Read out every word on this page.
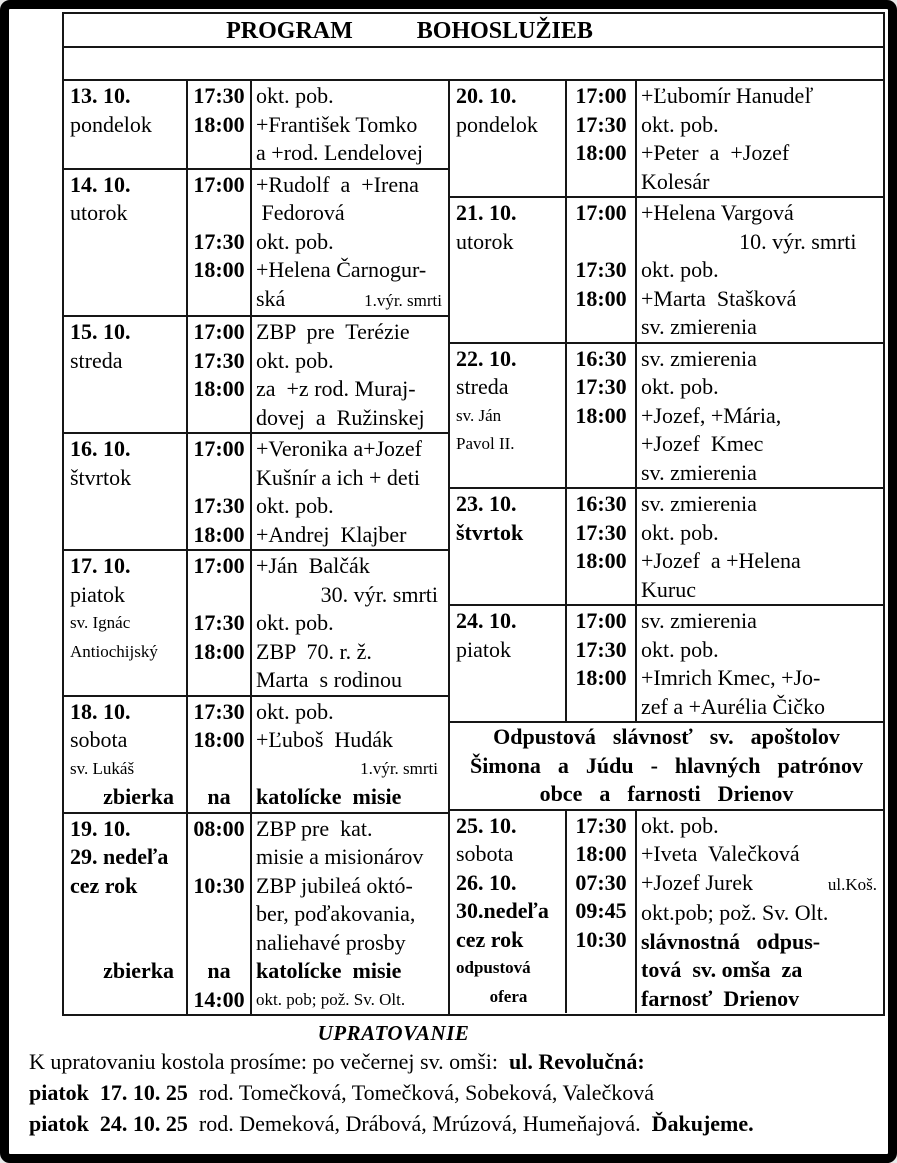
PROGRAM    BOHOSLUŽIEB
13. 10.
pondelok
17:30
18:00
okt. pob.
+František Tomko
a +rod. Lendelovej
14. 10.
utorok
17:00
17:30
18:00
+Rudolf  a  +Irena
Fedorová
okt. pob.
+Helena Čarnogur-
ská	1.výr. smrti
15. 10.
streda
17:00
17:30
18:00
ZBP  pre  Terézie
okt. pob.
za  +z rod. Muraj-
dovej  a  Ružinskej
16. 10.
štvrtok
17:00
17:30
18:00
+Veronika a+Jozef
Kušnír a ich + deti
okt. pob.
+Andrej  Klajber
17. 10.
piatok
sv. Ignác
Antiochijský
17:00
17:30
18:00
+Ján  Balčák
30. výr. smrti
okt. pob.
ZBP  70. r. ž.
Marta  s rodinou
18. 10.
sobota
sv. Lukáš
zbierka
17:30
18:00
na
okt. pob.
+Ľuboš  Hudák
1.výr. smrti
katolícke  misie
19. 10.
29. nedeľa
cez rok
zbierka
08:00
10:30
na
14:00
ZBP pre  kat.
misie a misionárov
ZBP jubileá októ-
ber, poďakovania,
naliehavé prosby
katolícke  misie
okt. pob; pož. Sv. Olt.
20. 10.
pondelok
17:00
17:30
18:00
+Ľubomír Hanudeľ
okt. pob.
+Peter  a  +Jozef
Kolesár
21. 10.
utorok
17:00
17:30
18:00
+Helena Vargová
10. výr. smrti
okt. pob.
+Marta  Stašková
sv. zmierenia
22. 10.
streda
sv. Ján
Pavol II.
16:30
17:30
18:00
sv. zmierenia
okt. pob.
+Jozef, +Mária,
+Jozef  Kmec
sv. zmierenia
23. 10.
štvrtok
16:30
17:30
18:00
sv. zmierenia
okt. pob.
+Jozef  a +Helena
Kuruc
24. 10.
piatok
17:00
17:30
18:00
sv. zmierenia
okt. pob.
+Imrich Kmec, +Jo-
zef a +Aurélia Čičko
Odpustová  slávnosť  sv.  apoštolov
Šimona  a  Júdu  -  hlavných  patrónov
obce  a  farnosti  Drienov
25. 10.
sobota
26. 10.
30.nedeľa
cez rok
odpustová
ofera
17:30
18:00
07:30
09:45
10:30
okt. pob.
+Iveta  Valečková
+Jozef Jurek	ul.Koš.
okt.pob; pož. Sv. Olt.
slávnostná   odpus-
tová  sv. omša  za
farnosť  Drienov
UPRATOVANIE
K upratovaniu kostola prosíme: po večernej sv. omši:  ul. Revolučná:
piatok  17. 10. 25  rod. Tomečková, Tomečková, Sobeková, Valečková
piatok  24. 10. 25  rod. Demeková, Drábová, Mrúzová, Humeňajová.  Ďakujeme.
